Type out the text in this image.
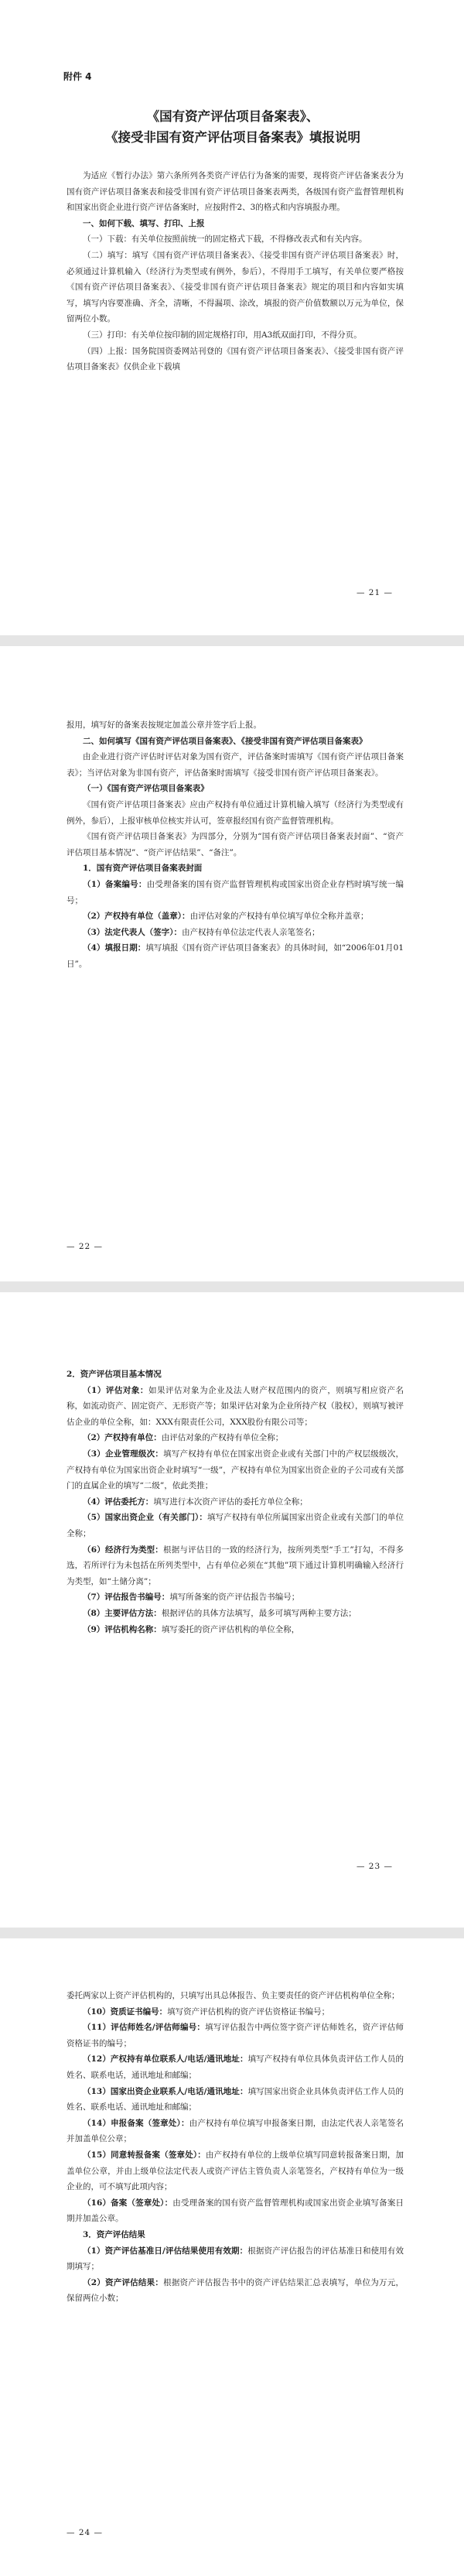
附件 4
《国有资产评估项目备案表》、
《接受非国有资产评估项目备案表》填报说明

为适应《暂行办法》第六条所列各类资产评估行为备案的需要，现将资产评估备案表分为国有资产评估项目备案表和接受非国有资产评估项目备案表两类，各级国有资产监督管理机构和国家出资企业进行资产评估备案时，应按附件2、3的格式和内容填报办理。

一、如何下载、填写、打印、上报

（一）下载：有关单位按照前统一的固定格式下载，不得修改表式和有关内容。

（二）填写：填写《国有资产评估项目备案表》、《接受非国有资产评估项目备案表》时，必须通过计算机输入（经济行为类型或有例外，参后），不得用手工填写，有关单位要严格按《国有资产评估项目备案表》、《接受非国有资产评估项目备案表》规定的项目和内容如实填写，填写内容要准确、齐全，清晰，不得漏项、涂改，填报的资产价值数额以万元为单位，保留两位小数。

（三）打印：有关单位按印制的固定规格打印，用A3纸双面打印，不得分页。

（四）上报：国务院国资委网站刊登的《国有资产评估项目备案表》、《接受非国有资产评估项目备案表》仅供企业下载填

— 21 —

报用，填写好的备案表按规定加盖公章并签字后上报。

二、如何填写《国有资产评估项目备案表》、《接受非国有资产评估项目备案表》

由企业进行资产评估时评估对象为国有资产，评估备案时需填写《国有资产评估项目备案表》；当评估对象为非国有资产，评估备案时需填写《接受非国有资产评估项目备案表》。

（一）《国有资产评估项目备案表》

《国有资产评估项目备案表》应由产权持有单位通过计算机输入填写（经济行为类型或有例外，参后），上报审核单位核实并认可，签章报经国有资产监督管理机构。

《国有资产评估项目备案表》为四部分，分别为“国有资产评估项目备案表封面”、“资产评估项目基本情况”、“资产评估结果”、“备注”。

1．国有资产评估项目备案表封面

（1）备案编号：由受理备案的国有资产监督管理机构或国家出资企业存档时填写统一编号；

（2）产权持有单位（盖章）：由评估对象的产权持有单位填写单位全称并盖章；

（3）法定代表人（签字）：由产权持有单位法定代表人亲笔签名；

（4）填报日期：填写填报《国有资产评估项目备案表》的具体时间，如“2006年01月01日”。

— 22 —

2．资产评估项目基本情况

（1）评估对象：如果评估对象为企业及法人财产权范围内的资产，则填写相应资产名称，如流动资产、固定资产、无形资产等；如果评估对象为企业所持产权（股权），则填写被评估企业的单位全称，如：XXX有限责任公司，XXX股份有限公司等；

（2）产权持有单位：由评估对象的产权持有单位全称；

（3）企业管理级次：填写产权持有单位在国家出资企业或有关部门中的产权层级级次，产权持有单位为国家出资企业时填写“一级”，产权持有单位为国家出资企业的子公司或有关部门的直属企业的填写“二级”，依此类推；

（4）评估委托方：填写进行本次资产评估的委托方单位全称；

（5）国家出资企业（有关部门）：填写产权持有单位所属国家出资企业或有关部门的单位全称；

（6）经济行为类型：根据与评估目的一致的经济行为，按所列类型“手工”打勾，不得多选，若所评行为未包括在所列类型中，占有单位必须在“其他”项下通过计算机明确输入经济行为类型，如“土储分离”；

（7）评估报告书编号：填写所备案的资产评估报告书编号；

（8）主要评估方法：根据评估的具体方法填写，最多可填写两种主要方法；

（9）评估机构名称：填写委托的资产评估机构的单位全称，

— 23 —

委托两家以上资产评估机构的，只填写出具总体报告、负主要责任的资产评估机构单位全称；

（10）资质证书编号：填写资产评估机构的资产评估资格证书编号；

（11）评估师姓名/评估师编号：填写评估报告中两位签字资产评估师姓名，资产评估师资格证书的编号；

（12）产权持有单位联系人/电话/通讯地址：填写产权持有单位具体负责评估工作人员的姓名、联系电话，通讯地址和邮编；

（13）国家出资企业联系人/电话/通讯地址：填写国家出资企业具体负责评估工作人员的姓名、联系电话、通讯地址和邮编；

（14）申报备案（签章处）：由产权持有单位填写申报备案日期，由法定代表人亲笔签名并加盖单位公章；

（15）同意转报备案（签章处）：由产权持有单位的上级单位填写同意转报备案日期，加盖单位公章，并由上级单位法定代表人或资产评估主管负责人亲笔签名，产权持有单位为一级企业的，可不填写此项内容；

（16）备案（签章处）：由受理备案的国有资产监督管理机构或国家出资企业填写备案日期并加盖公章。

3．资产评估结果

（1）资产评估基准日/评估结果使用有效期：根据资产评估报告的评估基准日和使用有效期填写；

（2）资产评估结果：根据资产评估报告书中的资产评估结果汇总表填写，单位为万元，保留两位小数；

— 24 —
